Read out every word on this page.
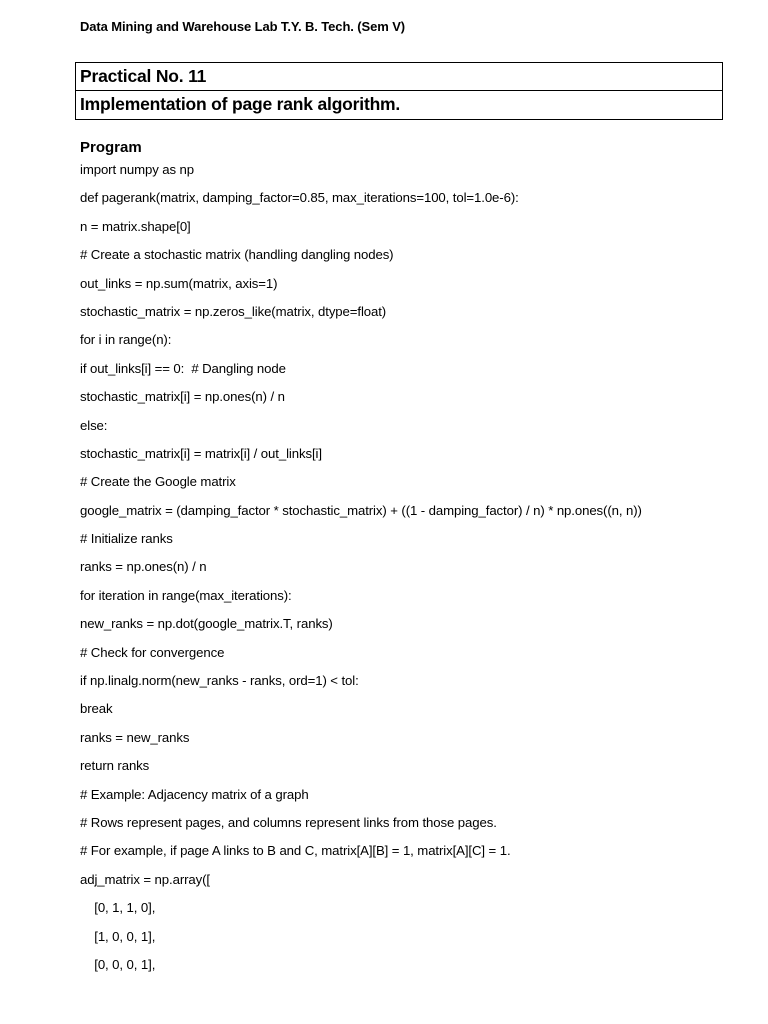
Data Mining and Warehouse Lab T.Y. B. Tech. (Sem V)
Practical No. 11
Implementation of page rank algorithm.
Program
import numpy as np
def pagerank(matrix, damping_factor=0.85, max_iterations=100, tol=1.0e-6):
n = matrix.shape[0]
# Create a stochastic matrix (handling dangling nodes)
out_links = np.sum(matrix, axis=1)
stochastic_matrix = np.zeros_like(matrix, dtype=float)
for i in range(n):
if out_links[i] == 0:  # Dangling node
stochastic_matrix[i] = np.ones(n) / n
else:
stochastic_matrix[i] = matrix[i] / out_links[i]
# Create the Google matrix
google_matrix = (damping_factor * stochastic_matrix) + ((1 - damping_factor) / n) * np.ones((n, n))
# Initialize ranks
ranks = np.ones(n) / n
for iteration in range(max_iterations):
new_ranks = np.dot(google_matrix.T, ranks)
# Check for convergence
if np.linalg.norm(new_ranks - ranks, ord=1) < tol:
break
ranks = new_ranks
return ranks
# Example: Adjacency matrix of a graph
# Rows represent pages, and columns represent links from those pages.
# For example, if page A links to B and C, matrix[A][B] = 1, matrix[A][C] = 1.
adj_matrix = np.array([
[0, 1, 1, 0],
[1, 0, 0, 1],
[0, 0, 0, 1],
